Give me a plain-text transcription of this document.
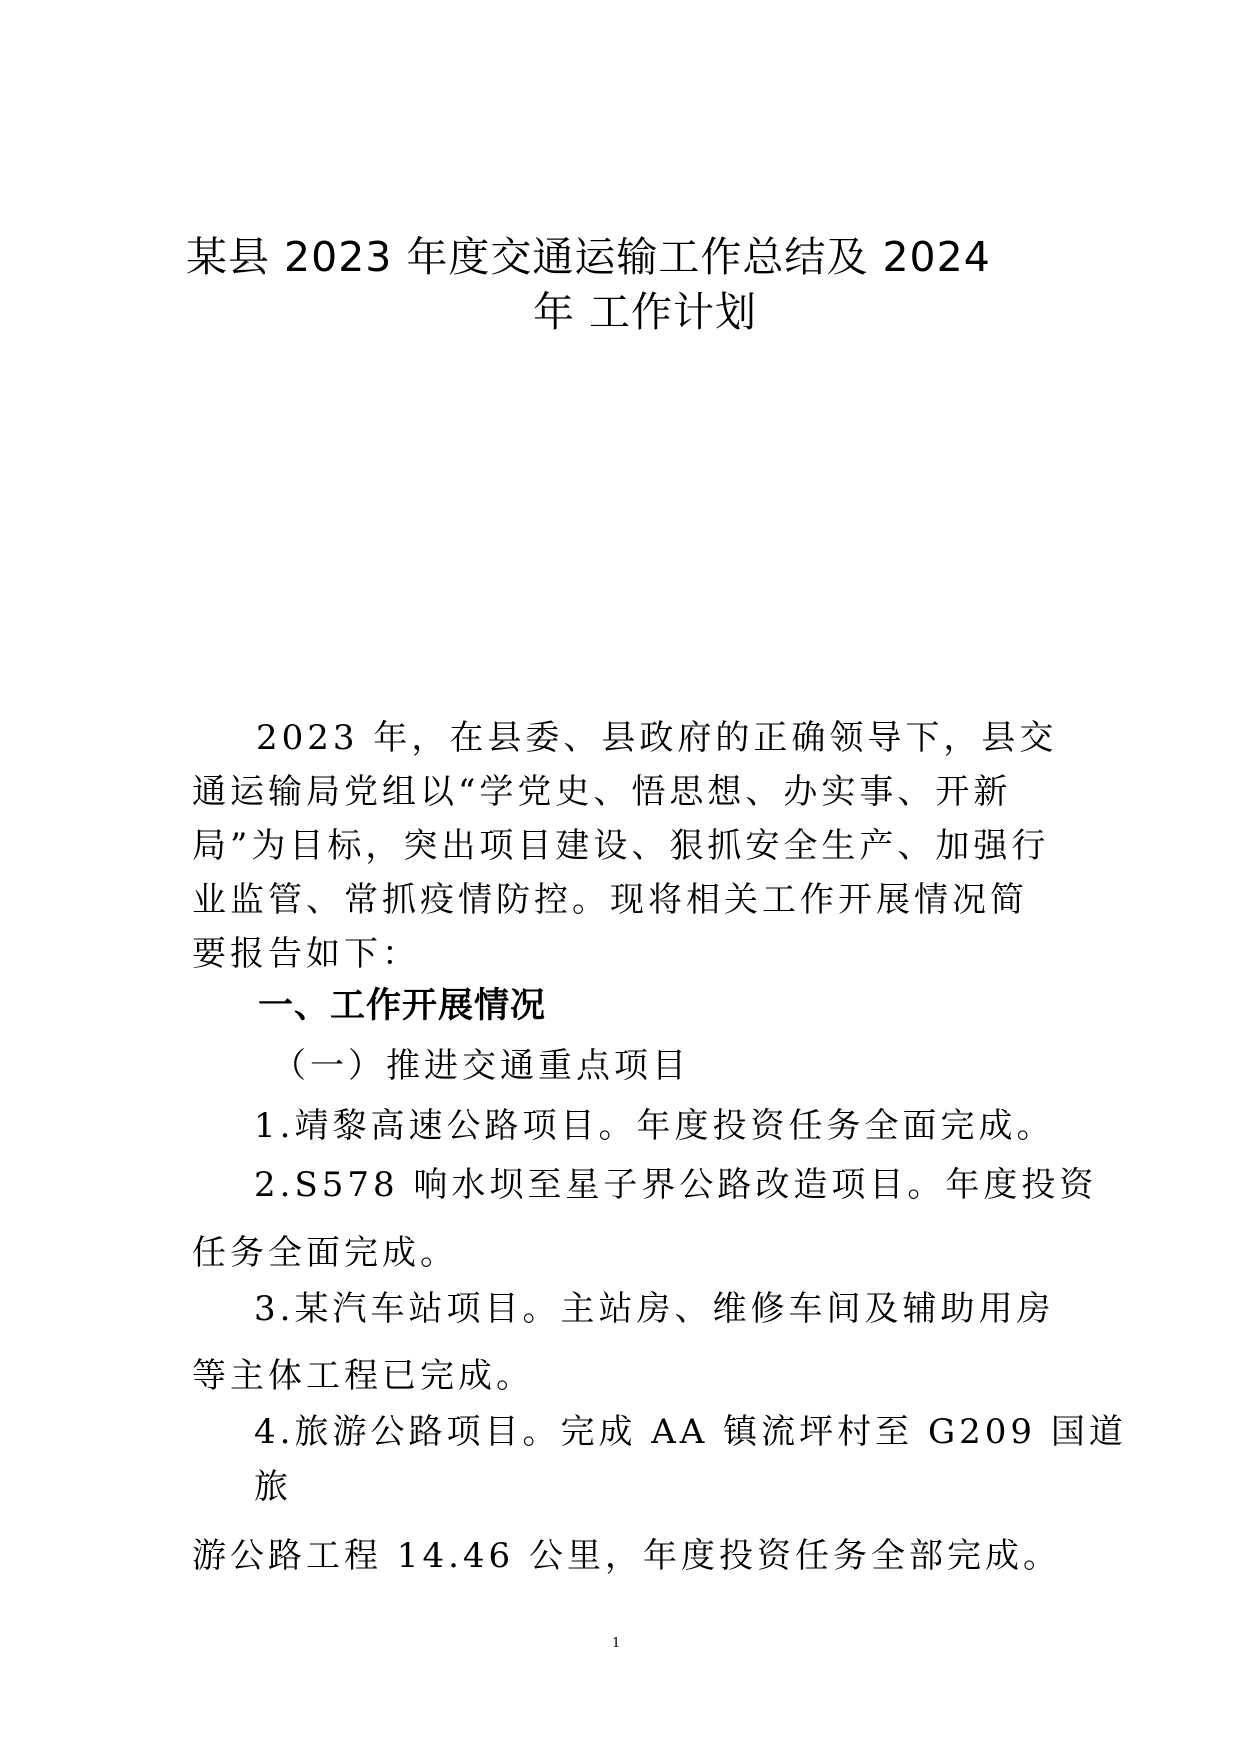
某县 2023 年度交通运输工作总结及 2024
年 工作计划
2023 年，在县委、县政府的正确领导下，县交通运输局党组以“学党史、悟思想、办实事、开新局”为目标，突出项目建设、狠抓安全生产、加强行业监管、常抓疫情防控。现将相关工作开展情况简要报告如下：
一、工作开展情况
（一）推进交通重点项目
1.靖黎高速公路项目。年度投资任务全面完成。
2.S578 响水坝至星子界公路改造项目。年度投资
任务全面完成。
3.某汽车站项目。主站房、维修车间及辅助用房
等主体工程已完成。
4.旅游公路项目。完成 AA 镇流坪村至 G209 国道
旅
游公路工程 14.46 公里，年度投资任务全部完成。
1
